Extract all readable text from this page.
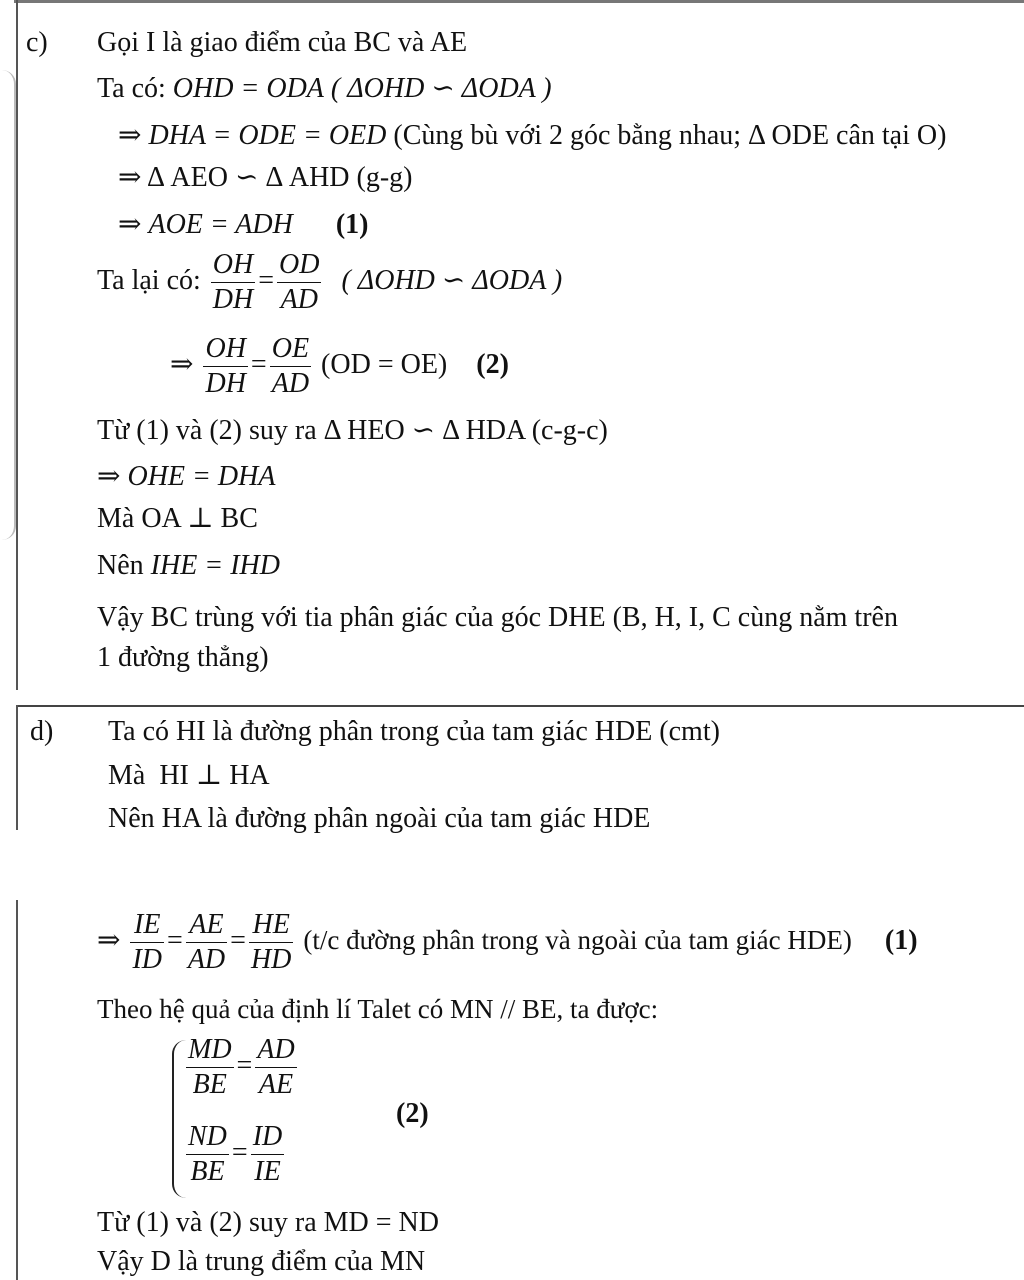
c) Gọi I là giao điểm của BC và AE
Ta có: OHD = ODA ( ΔOHD ∽ ΔODA )
⇒ DHA = ODE = OED (Cùng bù với 2 góc bằng nhau; Δ ODE cân tại O)
⇒ Δ AEO ∽ Δ AHD (g-g)
⇒ AOE = ADH (1)
Ta lại có: $\frac{OH}{DH} = \frac{OD}{AD}$ ( ΔOHD ∽ ΔODA )
⇒ $\frac{OH}{DH} = \frac{OE}{AD} (OD = OE)$ (2)
Từ (1) và (2) suy ra Δ HEO ∽ Δ HDA (c-g-c)
⇒ OHE = DHA
Mà OA ⊥ BC
Nên IHE = IHD
Vậy BC trùng với tia phân giác của góc DHE (B, H, I, C cùng nằm trên
1 đường thẳng)
d) Ta có HI là đường phân trong của tam giác HDE (cmt)
Mà  HI ⊥ HA
Nên HA là đường phân ngoài của tam giác HDE
⇒ $\frac{IE}{ID} = \frac{AE}{AD} = \frac{HE}{HD} (t/c$ đường phân trong và ngoài của tam giác HDE) (1)
Theo hệ quả của định lí Talet có MN // BE, ta được:
$\frac{MD}{BE} = \frac{AD}{AE}$
$\frac{ND}{BE} = \frac{ID}{IE}$
(2)
Từ (1) và (2) suy ra MD = ND
Vậy D là trung điểm của MN
